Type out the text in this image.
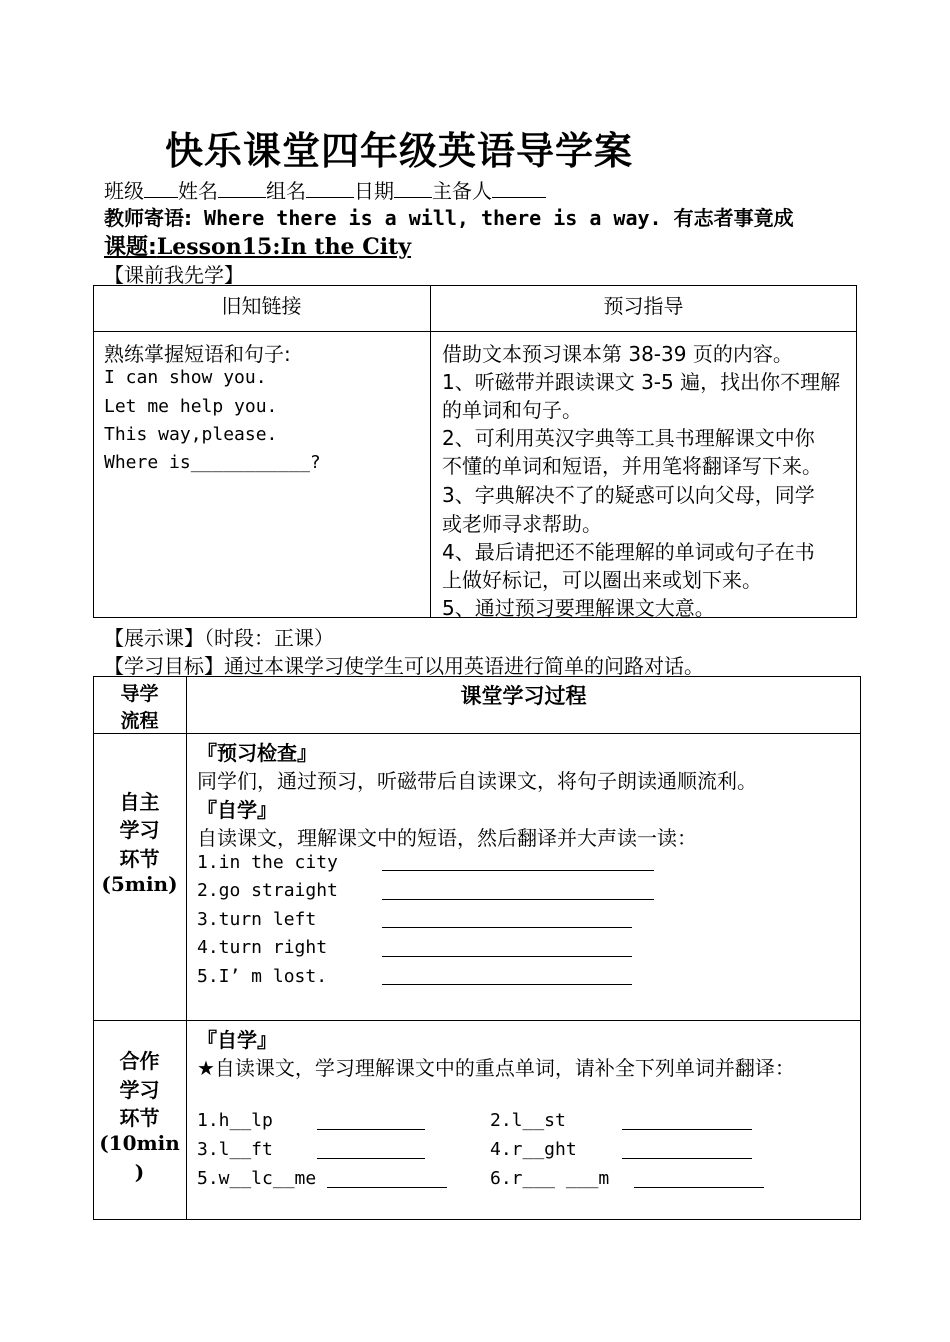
快乐课堂四年级英语导学案
班级 姓名 组名 日期 主备人
教师寄语: Where there is a will, there is a way. 有志者事竟成
课题:Lesson15:In the City
【课前我先学】
旧知链接	预习指导
熟练掌握短语和句子:
I can show you.
Let me help you.
This way,please.
Where is___________?
借助文本预习课本第 38-39 页的内容。
1、听磁带并跟读课文 3-5 遍，找出你不理解
的单词和句子。
2、可利用英汉字典等工具书理解课文中你
不懂的单词和短语，并用笔将翻译写下来。
3、字典解决不了的疑惑可以向父母，同学
或老师寻求帮助。
4、最后请把还不能理解的单词或句子在书
上做好标记，可以圈出来或划下来。
5、通过预习要理解课文大意。
【展示课】（时段：正课）
【学习目标】通过本课学习使学生可以用英语进行简单的问路对话。
导学
流程
课堂学习过程
自主
学习
环节
(5min)
『预习检查』
同学们，通过预习，听磁带后自读课文，将句子朗读通顺流利。
『自学』
自读课文，理解课文中的短语，然后翻译并大声读一读：
1.in the city
2.go straight
3.turn left
4.turn right
5.I’ m lost.
合作
学习
环节
(10min
)
『自学』
★自读课文，学习理解课文中的重点单词，请补全下列单词并翻译：
1.h__lp
3.l__ft
5.w__lc__me
2.l__st
4.r__ght
6.r___ ___m
